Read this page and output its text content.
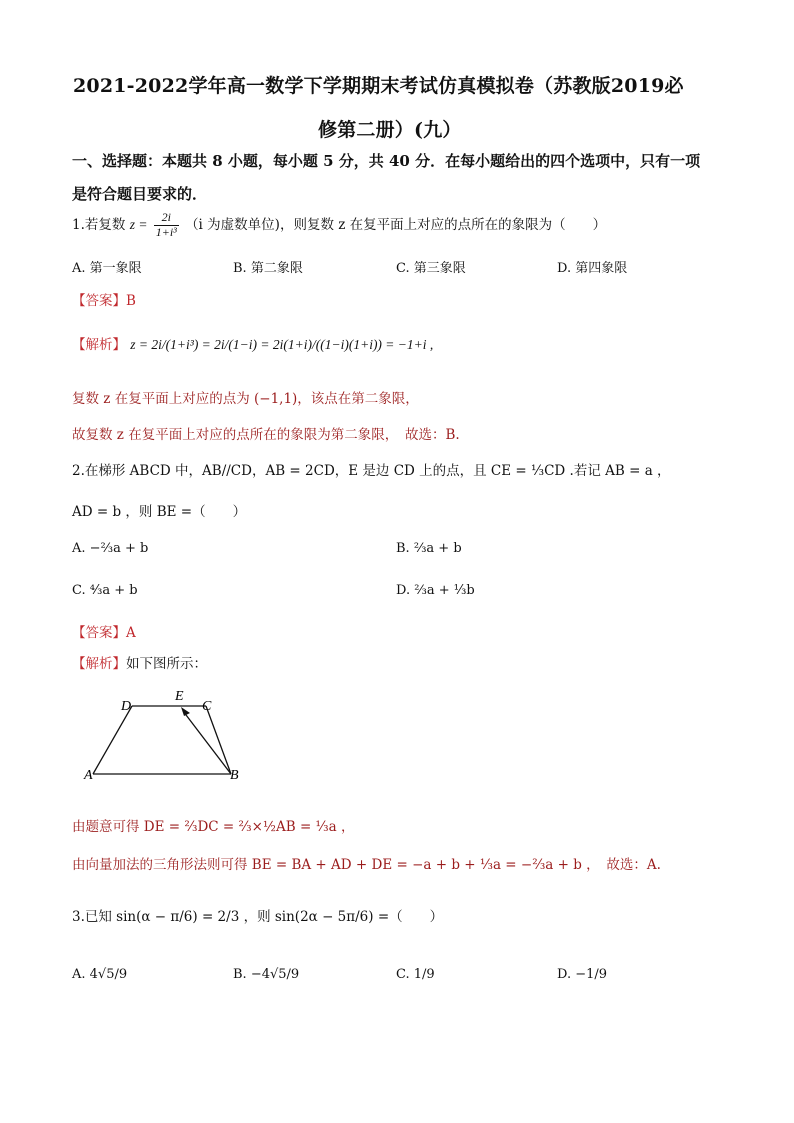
2021-2022学年高一数学下学期期末考试仿真模拟卷（苏教版2019必
修第二册）(九）
一、选择题：本题共 8 小题，每小题 5 分，共 40 分．在每小题给出的四个选项中，只有一项
是符合题目要求的．
1.若复数 $z = \frac{2i}{\text{1+i³}} (i$ 为虚数单位)，则复数 z 在复平面上对应的点所在的象限为（　　）
A. 第一象限	B. 第二象限	C. 第三象限	D. 第四象限
【答案】B
【解析】 z = 2i/(1+i³) = 2i/(1−i) = 2i(1+i)/((1−i)(1+i)) = −1+i ,
复数 z 在复平面上对应的点为 (−1,1)，该点在第二象限，
故复数 z 在复平面上对应的点所在的象限为第二象限，　故选：B.
2.在梯形 ABCD 中，AB//CD，AB = 2CD，E 是边 CD 上的点，且 CE = ⅓CD .若记 AB = a ，
AD = b ，则 BE =（　　）
A. −⅔a + b	B. ⅔a + b
C. ⁴⁄₃a + b	D. ⅔a + ⅓b
【答案】A
【解析】如下图所示：
D
E
C
A	B
由题意可得 DE = ⅔DC = ⅔×½AB = ⅓a ，
由向量加法的三角形法则可得 BE = BA + AD + DE = −a + b + ⅓a = −⅔a + b ，　故选：A.
3.已知 sin(α − π/6) = 2/3 ，则 sin(2α − 5π/6) =（　　）
A. 4√5/9	B. −4√5/9	C. 1/9	D. −1/9
